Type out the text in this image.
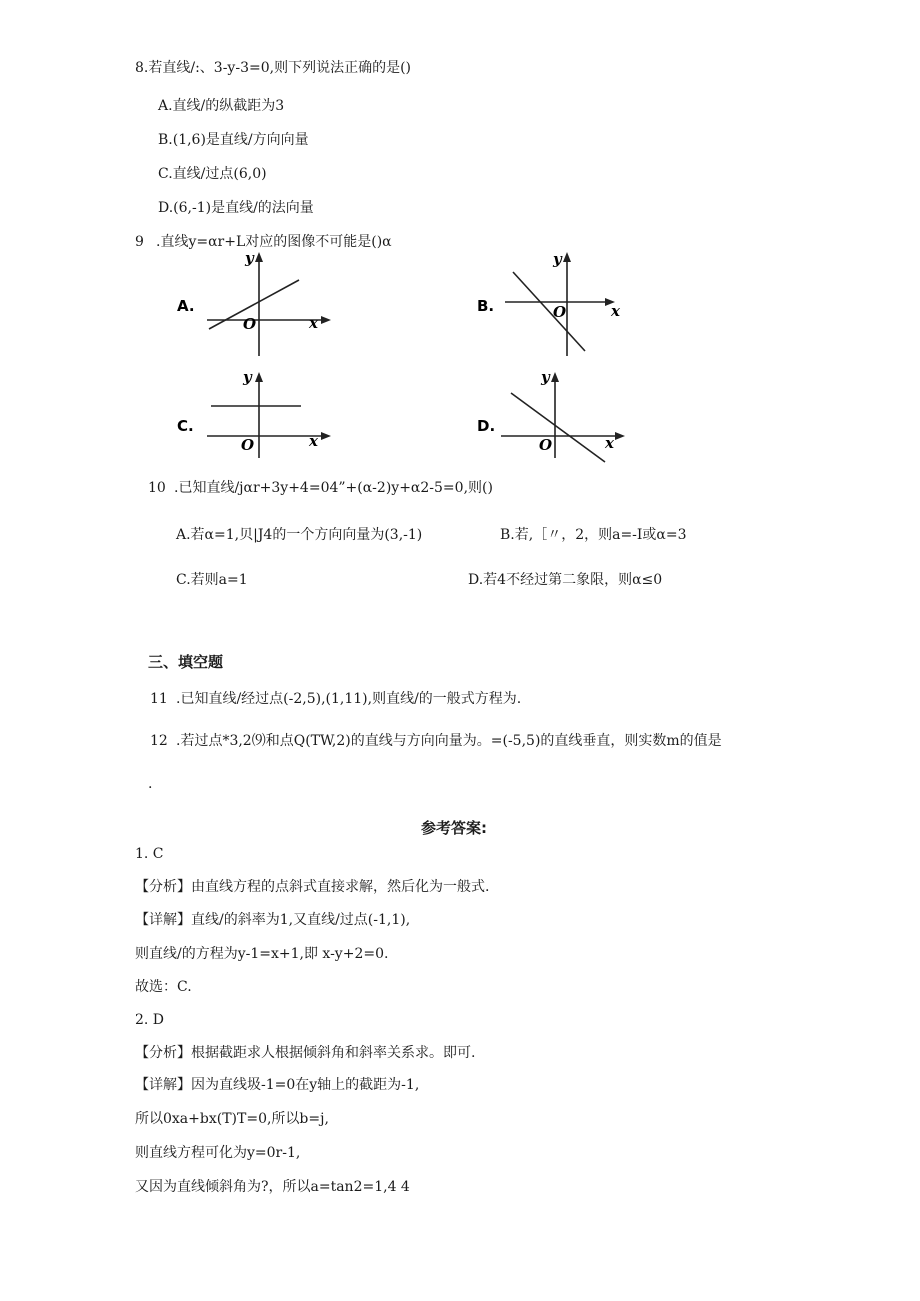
8.若直线/:、3-y-3=0,则下列说法正确的是()
A.直线/的纵截距为3
B.(1,6)是直线/方向向量
C.直线/过点(6,0)
D.(6,-1)是直线/的法向量
9 .直线y=αr+L对应的图像不可能是()α
A.
y
x
O
B.
y
x
O
C.
y
x
O
D.
y
x
O
10 .已知直线/jαr+3y+4=04”+(α-2)y+α2-5=0,则()
A.若α=1,贝|J4的一个方向向量为(3,-1)	B.若,［〃，2，则a=-I或α=3
C.若则a=1	D.若4不经过第二象限，则α≤0
三、填空题
11 .已知直线/经过点(-2,5),(1,11),则直线/的一般式方程为.
12 .若过点*3,2⑼和点Q(TW,2)的直线与方向向量为。=(-5,5)的直线垂直，则实数m的值是
.
参考答案:
1. C
【分析】由直线方程的点斜式直接求解，然后化为一般式.
【详解】直线/的斜率为1,又直线/过点(-1,1),
则直线/的方程为y-1=x+1,即 x-y+2=0.
故选：C.
2. D
【分析】根据截距求人根据倾斜角和斜率关系求。即可.
【详解】因为直线圾-1=0在y轴上的截距为-1,
所以0xa+bx(T)T=0,所以b=j,
则直线方程可化为y=0r-1,
又因为直线倾斜角为?，所以a=tan2=1,4 4
